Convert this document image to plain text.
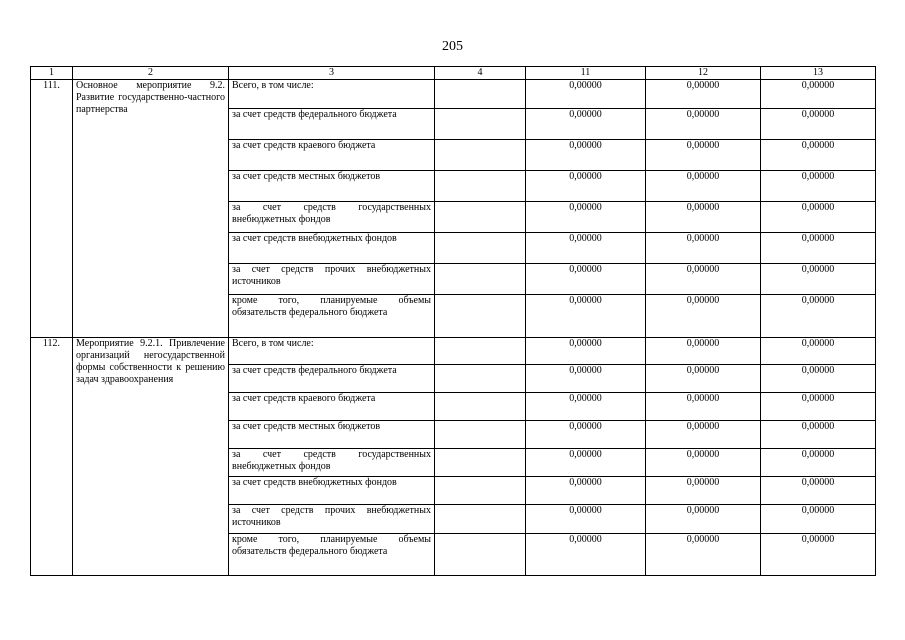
205
1	2	3	4	11	12	13
111.	Основное мероприятие 9.2. Развитие государственно-частного партнерства	Всего, в том числе:		0,00000	0,00000	0,00000
		за счет средств федерального бюджета		0,00000	0,00000	0,00000
		за счет средств краевого бюджета		0,00000	0,00000	0,00000
		за счет средств местных бюджетов		0,00000	0,00000	0,00000
		за счет средств государственных внебюджетных фондов		0,00000	0,00000	0,00000
		за счет средств внебюджетных фондов		0,00000	0,00000	0,00000
		за счет средств прочих внебюджетных источников		0,00000	0,00000	0,00000
		кроме того, планируемые объемы обязательств федерального бюджета		0,00000	0,00000	0,00000
112.	Мероприятие 9.2.1. Привлечение организаций негосударственной формы собственности к решению задач здравоохранения	Всего, в том числе:		0,00000	0,00000	0,00000
		за счет средств федерального бюджета		0,00000	0,00000	0,00000
		за счет средств краевого бюджета		0,00000	0,00000	0,00000
		за счет средств местных бюджетов		0,00000	0,00000	0,00000
		за счет средств государственных внебюджетных фондов		0,00000	0,00000	0,00000
		за счет средств внебюджетных фондов		0,00000	0,00000	0,00000
		за счет средств прочих внебюджетных источников		0,00000	0,00000	0,00000
		кроме того, планируемые объемы обязательств федерального бюджета		0,00000	0,00000	0,00000
